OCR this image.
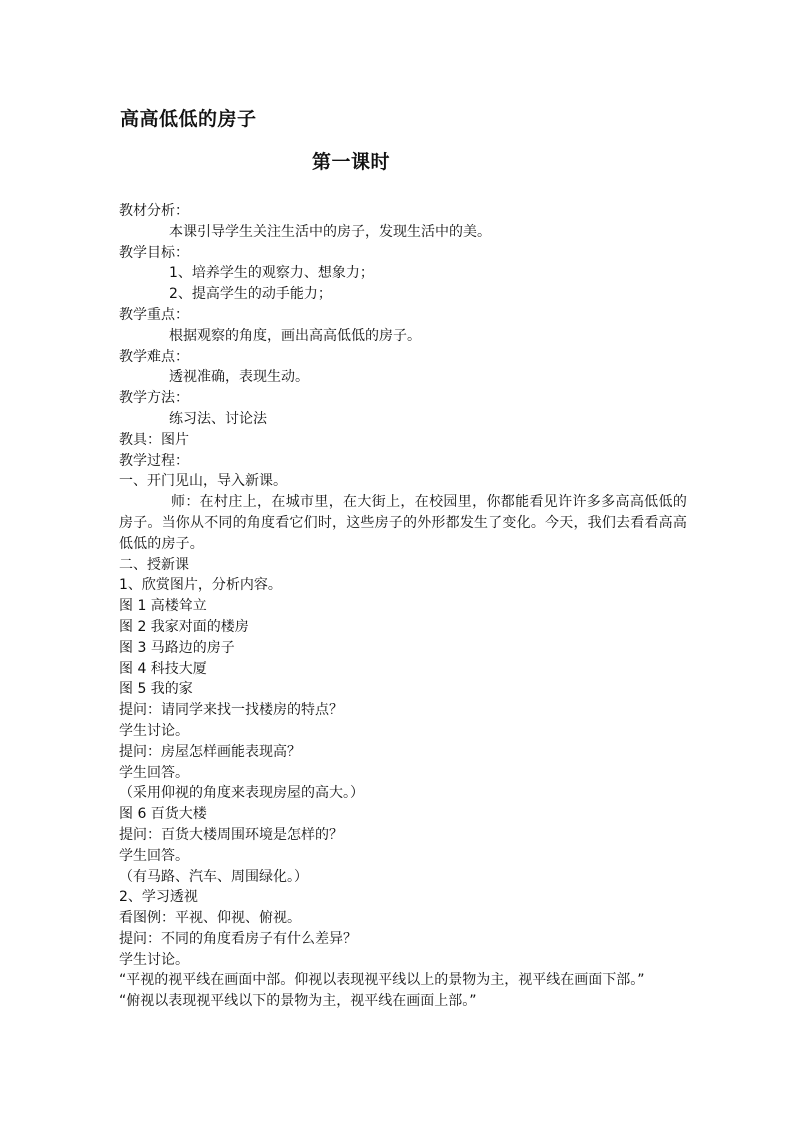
高高低低的房子
第一课时
教材分析：
本课引导学生关注生活中的房子，发现生活中的美。
教学目标：
1、培养学生的观察力、想象力；
2、提高学生的动手能力；
教学重点：
根据观察的角度，画出高高低低的房子。
教学难点：
透视准确，表现生动。
教学方法：
练习法、讨论法
教具：图片
教学过程：
一、开门见山，导入新课。
师：在村庄上，在城市里，在大街上，在校园里，你都能看见许许多多高高低低的房子。当你从不同的角度看它们时，这些房子的外形都发生了变化。今天，我们去看看高高低低的房子。
二、授新课
1、欣赏图片，分析内容。
图 1 高楼耸立
图 2 我家对面的楼房
图 3 马路边的房子
图 4 科技大厦
图 5 我的家
提问：请同学来找一找楼房的特点？
学生讨论。
提问：房屋怎样画能表现高？
学生回答。
（采用仰视的角度来表现房屋的高大。）
图 6 百货大楼
提问：百货大楼周围环境是怎样的？
学生回答。
（有马路、汽车、周围绿化。）
2、学习透视
看图例：平视、仰视、俯视。
提问：不同的角度看房子有什么差异？
学生讨论。
“平视的视平线在画面中部。仰视以表现视平线以上的景物为主，视平线在画面下部。”
“俯视以表现视平线以下的景物为主，视平线在画面上部。”
